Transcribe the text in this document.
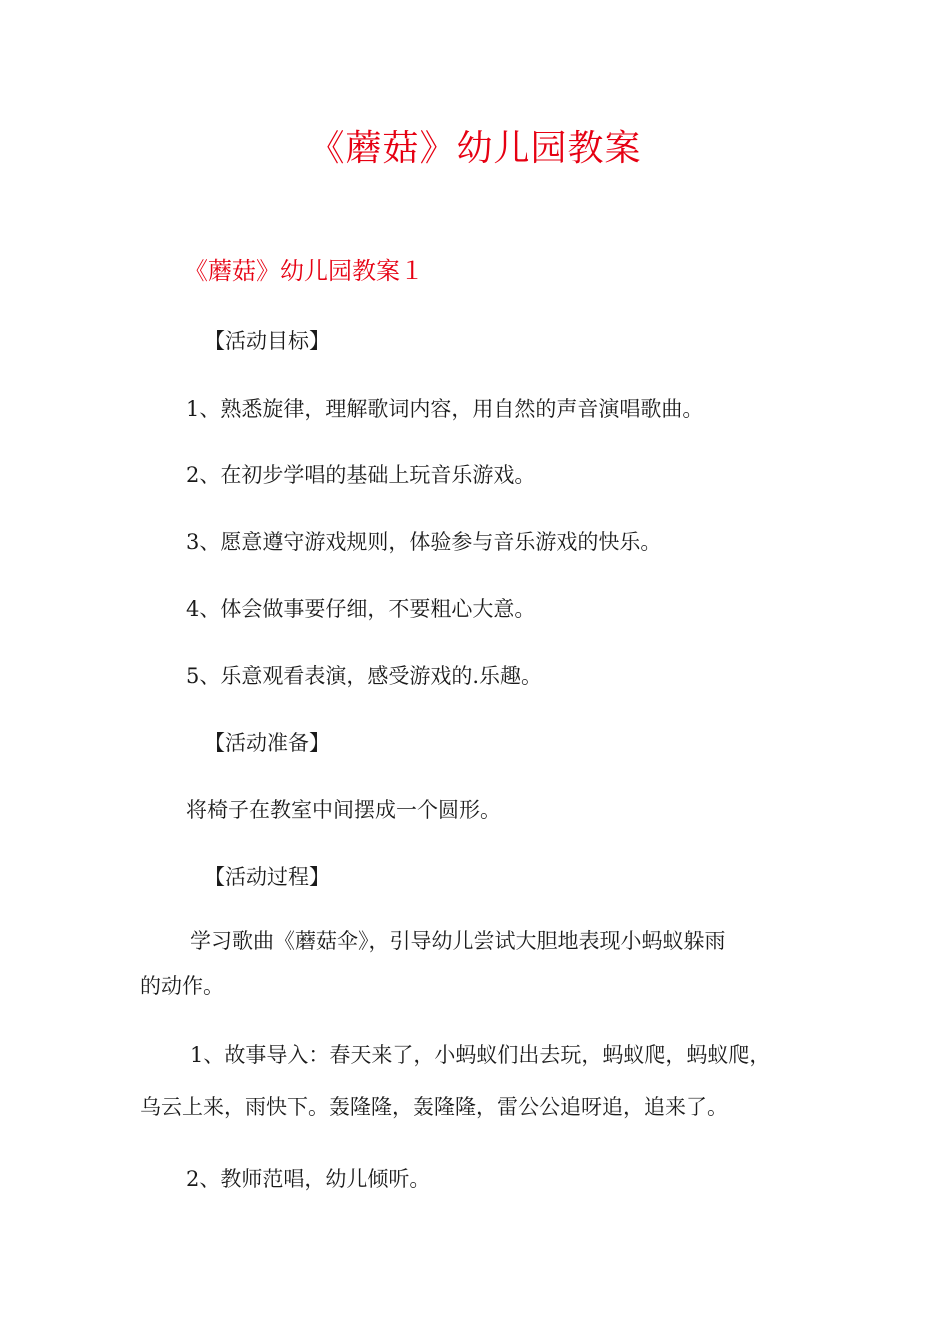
《蘑菇》幼儿园教案
《蘑菇》幼儿园教案１
【活动目标】
1、熟悉旋律，理解歌词内容，用自然的声音演唱歌曲。
2、在初步学唱的基础上玩音乐游戏。
3、愿意遵守游戏规则，体验参与音乐游戏的快乐。
4、体会做事要仔细，不要粗心大意。
5、乐意观看表演，感受游戏的.乐趣。
【活动准备】
将椅子在教室中间摆成一个圆形。
【活动过程】
学习歌曲《蘑菇伞》，引导幼儿尝试大胆地表现小蚂蚁躲雨
的动作。
1、故事导入：春天来了，小蚂蚁们出去玩，蚂蚁爬，蚂蚁爬，
乌云上来，雨快下。轰隆隆，轰隆隆，雷公公追呀追，追来了。
2、教师范唱，幼儿倾听。
